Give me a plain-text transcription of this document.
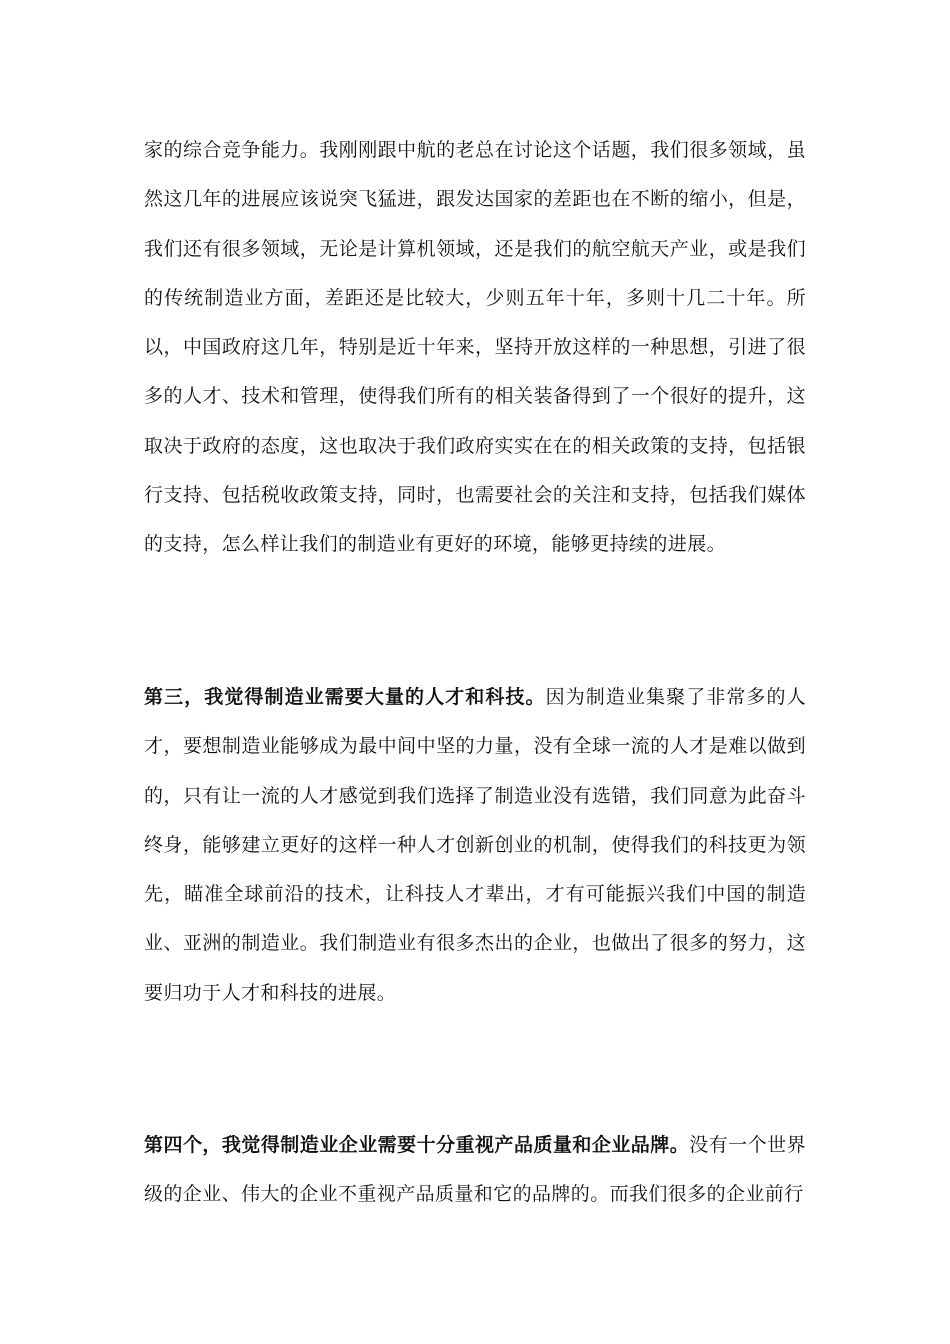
家的综合竞争能力。我刚刚跟中航的老总在讨论这个话题，我们很多领域，虽然这几年的进展应该说突飞猛进，跟发达国家的差距也在不断的缩小，但是，我们还有很多领域，无论是计算机领域，还是我们的航空航天产业，或是我们的传统制造业方面，差距还是比较大，少则五年十年，多则十几二十年。所以，中国政府这几年，特别是近十年来，坚持开放这样的一种思想，引进了很多的人才、技术和管理，使得我们所有的相关装备得到了一个很好的提升，这取决于政府的态度，这也取决于我们政府实实在在的相关政策的支持，包括银行支持、包括税收政策支持，同时，也需要社会的关注和支持，包括我们媒体的支持，怎么样让我们的制造业有更好的环境，能够更持续的进展。

第三，我觉得制造业需要大量的人才和科技。因为制造业集聚了非常多的人才，要想制造业能够成为最中间中坚的力量，没有全球一流的人才是难以做到的，只有让一流的人才感觉到我们选择了制造业没有选错，我们同意为此奋斗终身，能够建立更好的这样一种人才创新创业的机制，使得我们的科技更为领先，瞄准全球前沿的技术，让科技人才辈出，才有可能振兴我们中国的制造业、亚洲的制造业。我们制造业有很多杰出的企业，也做出了很多的努力，这要归功于人才和科技的进展。

第四个，我觉得制造业企业需要十分重视产品质量和企业品牌。没有一个世界级的企业、伟大的企业不重视产品质量和它的品牌的。而我们很多的企业前行
